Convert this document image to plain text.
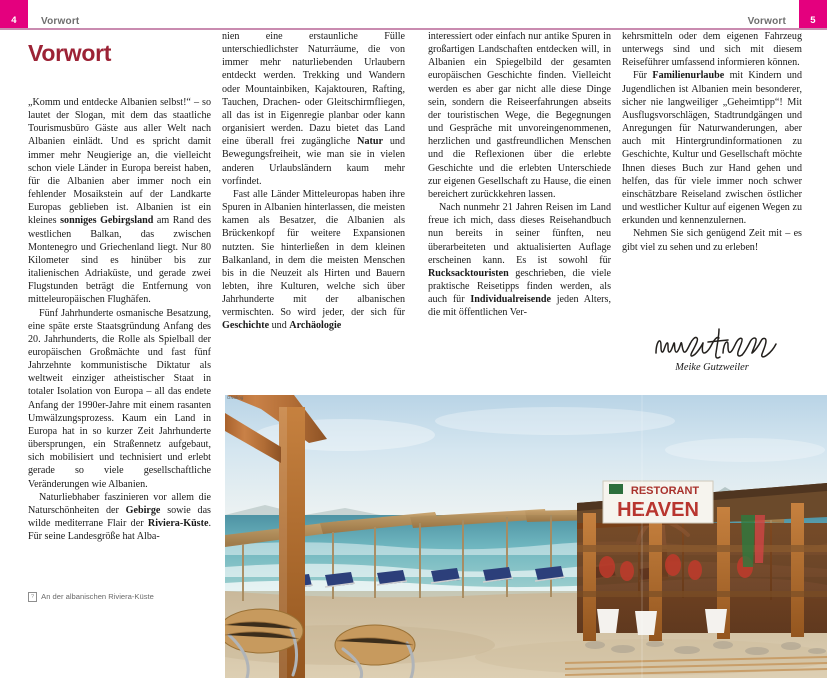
4 Vorwort	Vorwort	5
Vorwort

„Komm und entdecke Albanien selbst!“ – so lautet der Slogan, mit dem das staatliche Tourismusbüro Gäste aus aller Welt nach Albanien einlädt. Und es spricht damit immer mehr Neugierige an, die vielleicht schon viele Länder in Europa bereist haben, für die Albanien aber immer noch ein fehlender Mosaikstein auf der Landkarte Europas geblieben ist. Albanien ist ein kleines sonniges Gebirgsland am Rand des westlichen Balkan, das zwischen Montenegro und Griechenland liegt. Nur 80 Kilometer sind es hinüber bis zur italienischen Adriaküste, und gerade zwei Flugstunden beträgt die Entfernung von mitteleuropäischen Flughäfen.

Fünf Jahrhunderte osmanische Besatzung, eine späte erste Staatsgründung Anfang des 20. Jahrhunderts, die Rolle als Spielball der europäischen Großmächte und fast fünf Jahrzehnte kommunistische Diktatur als weltweit einziger atheistischer Staat in totaler Isolation von Europa – all das endete Anfang der 1990er-Jahre mit einem rasanten Umwälzungsprozess. Kaum ein Land in Europa hat in so kurzer Zeit Jahrhunderte übersprungen, ein Straßennetz aufgebaut, sich mobilisiert und technisiert und erlebt gerade so viele gesellschaftliche Veränderungen wie Albanien.

Naturliebhaber faszinieren vor allem die Naturschönheiten der Gebirge sowie das wilde mediterrane Flair der Riviera-Küste. Für seine Landesgröße hat Alba-

nien eine erstaunliche Fülle unterschiedlichster Naturräume, die von immer mehr naturliebenden Urlaubern entdeckt werden. Trekking und Wandern oder Mountainbiken, Kajaktouren, Rafting, Tauchen, Drachen- oder Gleitschirmfliegen, all das ist in Eigenregie planbar oder kann organisiert werden. Dazu bietet das Land eine überall frei zugängliche Natur und Bewegungsfreiheit, wie man sie in vielen anderen Urlaubsländern kaum mehr vorfindet.

Fast alle Länder Mitteleuropas haben ihre Spuren in Albanien hinterlassen, die meisten kamen als Besatzer, die Albanien als Brückenkopf für weitere Expansionen nutzten. Sie hinterließen in dem kleinen Balkanland, in dem die meisten Menschen bis in die Neuzeit als Hirten und Bauern lebten, ihre Kulturen, welche sich über Jahrhunderte mit der albanischen vermischten. So wird jeder, der sich für Geschichte und Archäologie

interessiert oder einfach nur antike Spuren in großartigen Landschaften entdecken will, in Albanien ein Spiegelbild der gesamten europäischen Geschichte finden. Vielleicht werden es aber gar nicht alle diese Dinge sein, sondern die Reiseerfahrungen abseits der touristischen Wege, die Begegnungen und Gespräche mit unvoreingenommenen, herzlichen und gastfreundlichen Menschen und die Reflexionen über die erlebte Geschichte und die erlebten Unterschiede zur eigenen Gesellschaft zu Hause, die einen bereichert zurückkehren lassen.

Nach nunmehr 21 Jahren Reisen im Land freue ich mich, dass dieses Reisehandbuch nun bereits in seiner fünften, neu überarbeiteten und aktualisierten Auflage erscheinen kann. Es ist sowohl für Rucksacktouristen geschrieben, die viele praktische Reisetipps finden werden, als auch für Individualreisende jeden Alters, die mit öffentlichen Ver-

kehrsmitteln oder dem eigenen Fahrzeug unterwegs sind und sich mit diesem Reiseführer umfassend informieren können.

Für Familienurlaube mit Kindern und Jugendlichen ist Albanien mein besonderer, sicher nie langweiliger „Geheimtipp“! Mit Ausflugsvorschlägen, Stadtrundgängen und Anregungen für Naturwanderungen, aber auch mit Hintergrundinformationen zu Geschichte, Kultur und Gesellschaft möchte Ihnen dieses Buch zur Hand gehen und helfen, das für viele immer noch schwer einschätzbare Reiseland zwischen östlicher und westlicher Kultur auf eigenen Wegen zu erkunden und kennenzulernen.

Nehmen Sie sich genügend Zeit mit – es gibt viel zu sehen und zu erleben!

Meike Gutzweiler
? An der albanischen Riviera-Küste
RESTORANT
HEAVEN
ONoling
